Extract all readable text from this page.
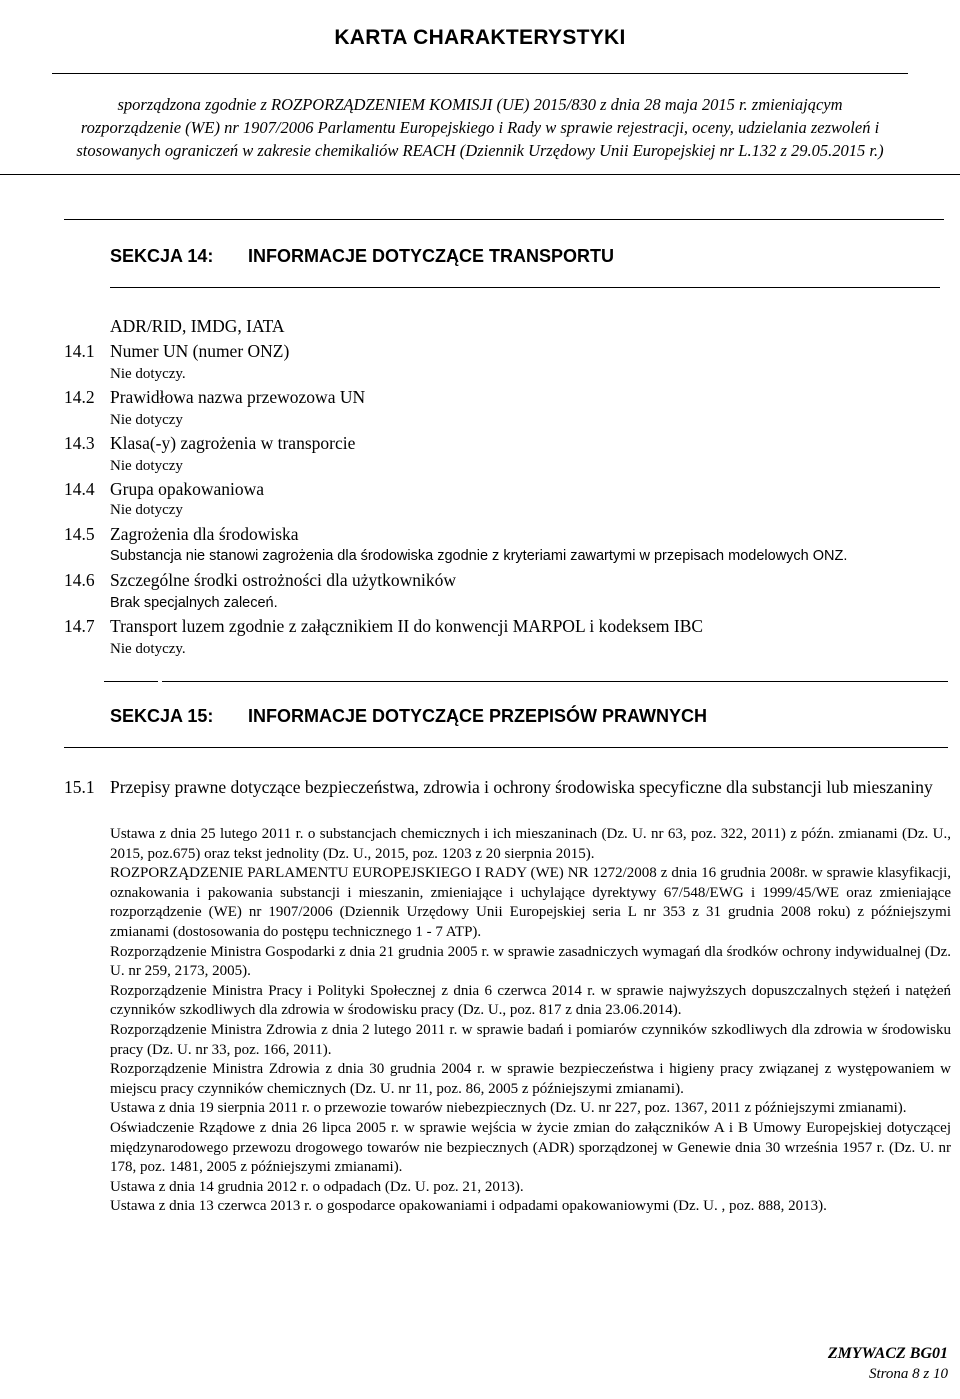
KARTA CHARAKTERYSTYKI
sporządzona zgodnie z ROZPORZĄDZENIEM KOMISJI (UE) 2015/830 z dnia 28 maja 2015 r. zmieniającym
rozporządzenie (WE) nr 1907/2006 Parlamentu Europejskiego i Rady w sprawie rejestracji, oceny, udzielania zezwoleń i
stosowanych ograniczeń w zakresie chemikaliów REACH (Dziennik Urzędowy Unii Europejskiej nr L.132 z 29.05.2015 r.)
SEKCJA 14: INFORMACJE DOTYCZĄCE TRANSPORTU
ADR/RID, IMDG, IATA
14.1 Numer UN (numer ONZ)
Nie dotyczy.
14.2 Prawidłowa nazwa przewozowa UN
Nie dotyczy
14.3 Klasa(-y) zagrożenia w transporcie
Nie dotyczy
14.4 Grupa opakowaniowa
Nie dotyczy
14.5 Zagrożenia dla środowiska
Substancja nie stanowi zagrożenia dla środowiska zgodnie z kryteriami zawartymi w przepisach modelowych ONZ.
14.6 Szczególne środki ostrożności dla użytkowników
Brak specjalnych zaleceń.
14.7 Transport luzem zgodnie z załącznikiem II do konwencji MARPOL i kodeksem IBC
Nie dotyczy.
SEKCJA 15: INFORMACJE DOTYCZĄCE PRZEPISÓW PRAWNYCH
15.1 Przepisy prawne dotyczące bezpieczeństwa, zdrowia i ochrony środowiska specyficzne dla substancji lub mieszaniny

Ustawa z dnia 25 lutego 2011 r. o substancjach chemicznych i ich mieszaninach (Dz. U. nr 63, poz. 322, 2011) z późn. zmianami (Dz. U., 2015, poz.675) oraz tekst jednolity (Dz. U., 2015, poz. 1203 z 20 sierpnia 2015).

ROZPORZĄDZENIE PARLAMENTU EUROPEJSKIEGO I RADY (WE) NR 1272/2008 z dnia 16 grudnia 2008r. w sprawie klasyfikacji, oznakowania i pakowania substancji i mieszanin, zmieniające i uchylające dyrektywy 67/548/EWG i 1999/45/WE oraz zmieniające rozporządzenie (WE) nr 1907/2006 (Dziennik Urzędowy Unii Europejskiej seria L nr 353 z 31 grudnia 2008 roku) z późniejszymi zmianami (dostosowania do postępu technicznego 1 - 7 ATP).

Rozporządzenie Ministra Gospodarki z dnia 21 grudnia 2005 r. w sprawie zasadniczych wymagań dla środków ochrony indywidualnej (Dz. U. nr 259, 2173, 2005).

Rozporządzenie Ministra Pracy i Polityki Społecznej z dnia 6 czerwca 2014 r. w sprawie najwyższych dopuszczalnych stężeń i natężeń czynników szkodliwych dla zdrowia w środowisku pracy (Dz. U., poz. 817 z dnia 23.06.2014).

Rozporządzenie Ministra Zdrowia z dnia 2 lutego 2011 r. w sprawie badań i pomiarów czynników szkodliwych dla zdrowia w środowisku pracy (Dz. U. nr 33, poz. 166, 2011).

Rozporządzenie Ministra Zdrowia z dnia 30 grudnia 2004 r. w sprawie bezpieczeństwa i higieny pracy związanej z występowaniem w miejscu pracy czynników chemicznych (Dz. U. nr 11, poz. 86, 2005 z późniejszymi zmianami).

Ustawa z dnia 19 sierpnia 2011 r. o przewozie towarów niebezpiecznych (Dz. U. nr 227, poz. 1367, 2011 z późniejszymi zmianami).

Oświadczenie Rządowe z dnia 26 lipca 2005 r. w sprawie wejścia w życie zmian do załączników A i B Umowy Europejskiej dotyczącej międzynarodowego przewozu drogowego towarów nie bezpiecznych (ADR) sporządzonej w Genewie dnia 30 września 1957 r. (Dz. U. nr 178, poz. 1481, 2005 z późniejszymi zmianami).

Ustawa z dnia 14 grudnia 2012 r. o odpadach (Dz. U. poz. 21, 2013).

Ustawa z dnia 13 czerwca 2013 r. o gospodarce opakowaniami i odpadami opakowaniowymi (Dz. U. , poz. 888, 2013).

ZMYWACZ BG01
Strona 8 z 10
